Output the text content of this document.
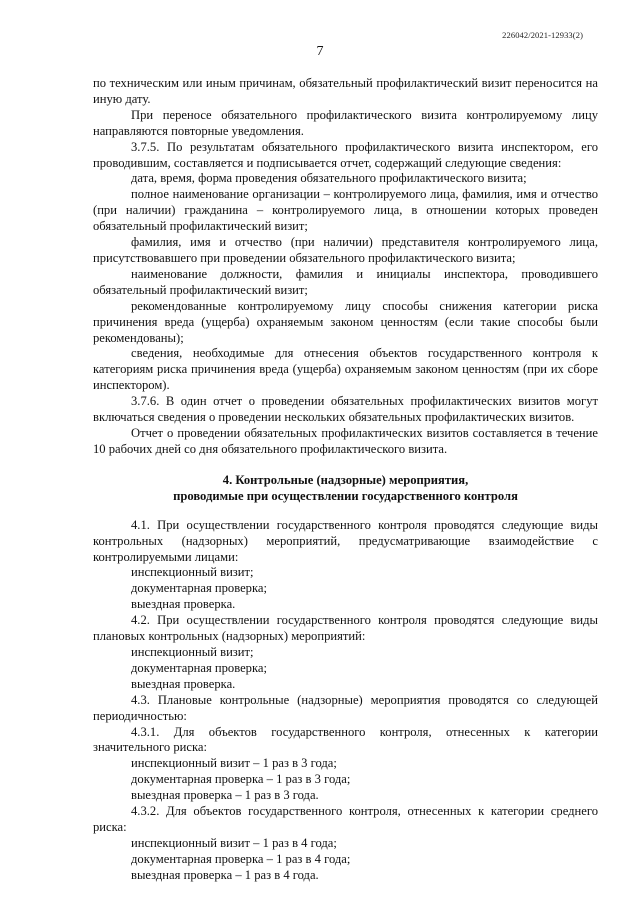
226042/2021-12933(2)
7

по техническим или иным причинам, обязательный профилактический визит переносится на иную дату.

При переносе обязательного профилактического визита контролируемому лицу направляются повторные уведомления.

3.7.5. По результатам обязательного профилактического визита инспектором, его проводившим, составляется и подписывается отчет, содержащий следующие сведения:

дата, время, форма проведения обязательного профилактического визита;

полное наименование организации – контролируемого лица, фамилия, имя и отчество (при наличии) гражданина – контролируемого лица, в отношении которых проведен обязательный профилактический визит;

фамилия, имя и отчество (при наличии) представителя контролируемого лица, присутствовавшего при проведении обязательного профилактического визита;

наименование должности, фамилия и инициалы инспектора, проводившего обязательный профилактический визит;

рекомендованные контролируемому лицу способы снижения категории риска причинения вреда (ущерба) охраняемым законом ценностям (если такие способы были рекомендованы);

сведения, необходимые для отнесения объектов государственного контроля к категориям риска причинения вреда (ущерба) охраняемым законом ценностям (при их сборе инспектором).

3.7.6. В один отчет о проведении обязательных профилактических визитов могут включаться сведения о проведении нескольких обязательных профилактических визитов.

Отчет о проведении обязательных профилактических визитов составляется в течение 10 рабочих дней со дня обязательного профилактического визита.

4. Контрольные (надзорные) мероприятия,
проводимые при осуществлении государственного контроля

4.1. При осуществлении государственного контроля проводятся следующие виды контрольных (надзорных) мероприятий, предусматривающие взаимодействие с контролируемыми лицами:

инспекционный визит;

документарная проверка;

выездная проверка.

4.2. При осуществлении государственного контроля проводятся следующие виды плановых контрольных (надзорных) мероприятий:

инспекционный визит;

документарная проверка;

выездная проверка.

4.3. Плановые контрольные (надзорные) мероприятия проводятся со следующей периодичностью:

4.3.1. Для объектов государственного контроля, отнесенных к категории значительного риска:

инспекционный визит – 1 раз в 3 года;

документарная проверка – 1 раз в 3 года;

выездная проверка – 1 раз в 3 года.

4.3.2. Для объектов государственного контроля, отнесенных к категории среднего риска:

инспекционный визит – 1 раз в 4 года;

документарная проверка – 1 раз в 4 года;

выездная проверка – 1 раз в 4 года.
